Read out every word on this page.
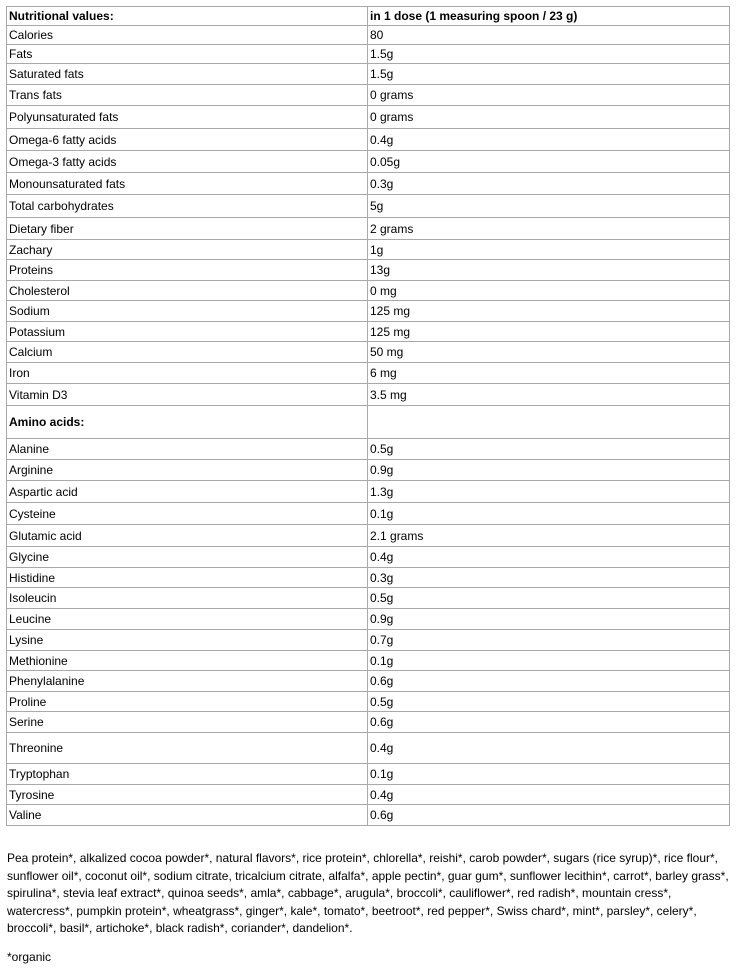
Nutritional values:	in 1 dose (1 measuring spoon / 23 g)
Calories	80
Fats	1.5g
Saturated fats	1.5g
Trans fats	0 grams
Polyunsaturated fats	0 grams
Omega-6 fatty acids	0.4g
Omega-3 fatty acids	0.05g
Monounsaturated fats	0.3g
Total carbohydrates	5g
Dietary fiber	2 grams
Zachary	1g
Proteins	13g
Cholesterol	0 mg
Sodium	125 mg
Potassium	125 mg
Calcium	50 mg
Iron	6 mg
Vitamin D3	3.5 mg
Amino acids:	
Alanine	0.5g
Arginine	0.9g
Aspartic acid	1.3g
Cysteine	0.1g
Glutamic acid	2.1 grams
Glycine	0.4g
Histidine	0.3g
Isoleucin	0.5g
Leucine	0.9g
Lysine	0.7g
Methionine	0.1g
Phenylalanine	0.6g
Proline	0.5g
Serine	0.6g
Threonine	0.4g
Tryptophan	0.1g
Tyrosine	0.4g
Valine	0.6g

Pea protein*, alkalized cocoa powder*, natural flavors*, rice protein*, chlorella*, reishi*, carob powder*, sugars (rice syrup)*, rice flour*, sunflower oil*, coconut oil*, sodium citrate, tricalcium citrate, alfalfa*, apple pectin*, guar gum*, sunflower lecithin*, carrot*, barley grass*, spirulina*, stevia leaf extract*, quinoa seeds*, amla*, cabbage*, arugula*, broccoli*, cauliflower*, red radish*, mountain cress*, watercress*, pumpkin protein*, wheatgrass*, ginger*, kale*, tomato*, beetroot*, red pepper*, Swiss chard*, mint*, parsley*, celery*, broccoli*, basil*, artichoke*, black radish*, coriander*, dandelion*.

*organic
